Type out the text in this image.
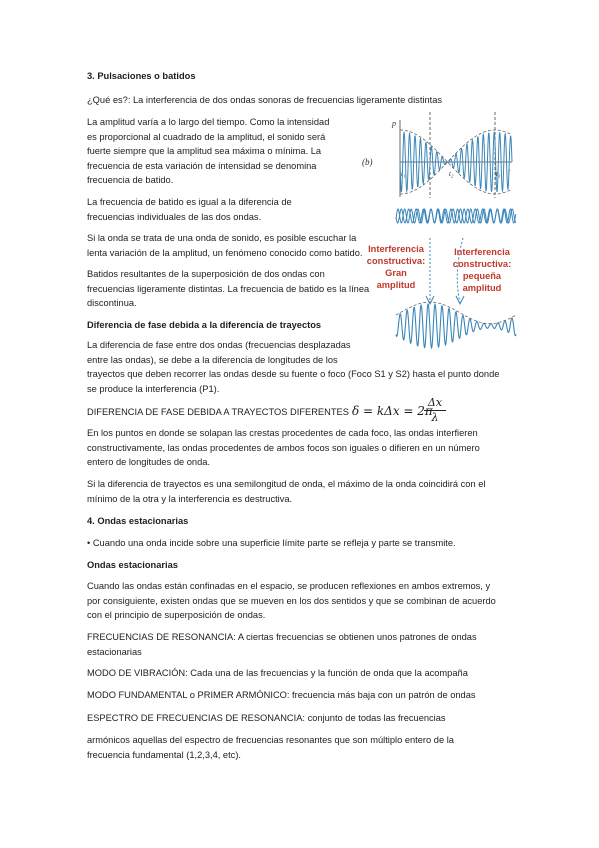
3. Pulsaciones o batidos

¿Qué es?: La interferencia de dos ondas sonoras de frecuencias ligeramente distintas

La amplitud varía a lo largo del tiempo. Como la intensidad
es proporcional al cuadrado de la amplitud, el sonido será
fuerte siempre que la amplitud sea máxima o mínima. La
frecuencia de esta variación de intensidad se denomina
frecuencia de batido.

La frecuencia de batido es igual a la diferencia de
frecuencias individuales de las dos ondas.

Si la onda se trata de una onda de sonido, es posible escuchar la
lenta variación de la amplitud, un fenómeno conocido como batido.

Batidos resultantes de la superposición de dos ondas con
frecuencias ligeramente distintas. La frecuencia de batido es la línea
discontinua.

Diferencia de fase debida a la diferencia de trayectos

La diferencia de fase entre dos ondas (frecuencias desplazadas
entre las ondas), se debe a la diferencia de longitudes de los
trayectos que deben recorrer las ondas desde su fuente o foco (Foco S1 y S2) hasta el punto donde
se produce la interferencia (P1).

DIFERENCIA DE FASE DEBIDA A TRAYECTOS DIFERENTES δ = kΔx = 2π
$\frac{\Delta x}{\lambda}$

En los puntos en donde se solapan las crestas procedentes de cada foco, las ondas interfieren
constructivamente, las ondas procedentes de ambos focos son iguales o difieren en un número
entero de longitudes de onda.

Si la diferencia de trayectos es una semilongitud de onda, el máximo de la onda coincidirá con el
mínimo de la otra y la interferencia es destructiva.

4. Ondas estacionarias

• Cuando una onda incide sobre una superficie límite parte se refleja y parte se transmite.

Ondas estacionarias

Cuando las ondas están confinadas en el espacio, se producen reflexiones en ambos extremos, y
por consiguiente, existen ondas que se mueven en los dos sentidos y que se combinan de acuerdo
con el principio de superposición de ondas.

FRECUENCIAS DE RESONANCIA: A ciertas frecuencias se obtienen unos patrones de ondas
estacionarias

MODO DE VIBRACIÓN: Cada una de las frecuencias y la función de onda que la acompaña

MODO FUNDAMENTAL o PRIMER ARMÓNICO: frecuencia más baja con un patrón de ondas

ESPECTRO DE FRECUENCIAS DE RESONANCIA: conjunto de todas las frecuencias

armónicos aquellas del espectro de frecuencias resonantes que son múltiplo entero de la
frecuencia fundamental (1,2,3,4, etc).

p
(b)
t
t₁	t₂	t₃
Interferencia
constructiva:
Gran
amplitud
Interferencia
constructiva:
pequeña
amplitud
